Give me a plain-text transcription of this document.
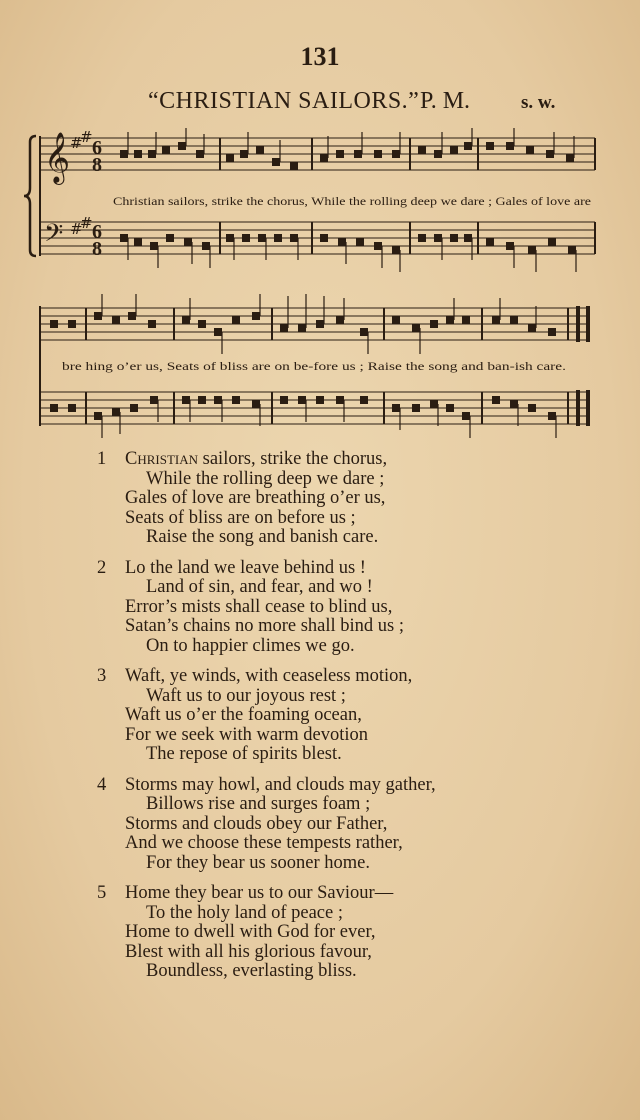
131
“CHRISTIAN SAILORS.” P. M.	s. w.
𝄞
𝄢
#
#
#
#
6
8
6
8
Christian sailors, strike the chorus, While the rolling deep we dare ; Gales of love are
bre hing o’er us, Seats of bliss are on be-fore us ; Raise the song and ban-ish care.
1 Christian sailors, strike the chorus,
While the rolling deep we dare ;
Gales of love are breathing o’er us,
Seats of bliss are on before us ;
Raise the song and banish care.
2 Lo the land we leave behind us !
Land of sin, and fear, and wo !
Error’s mists shall cease to blind us,
Satan’s chains no more shall bind us ;
On to happier climes we go.
3 Waft, ye winds, with ceaseless motion,
Waft us to our joyous rest ;
Waft us o’er the foaming ocean,
For we seek with warm devotion
The repose of spirits blest.
4 Storms may howl, and clouds may gather,
Billows rise and surges foam ;
Storms and clouds obey our Father,
And we choose these tempests rather,
For they bear us sooner home.
5 Home they bear us to our Saviour—
To the holy land of peace ;
Home to dwell with God for ever,
Blest with all his glorious favour,
Boundless, everlasting bliss.
